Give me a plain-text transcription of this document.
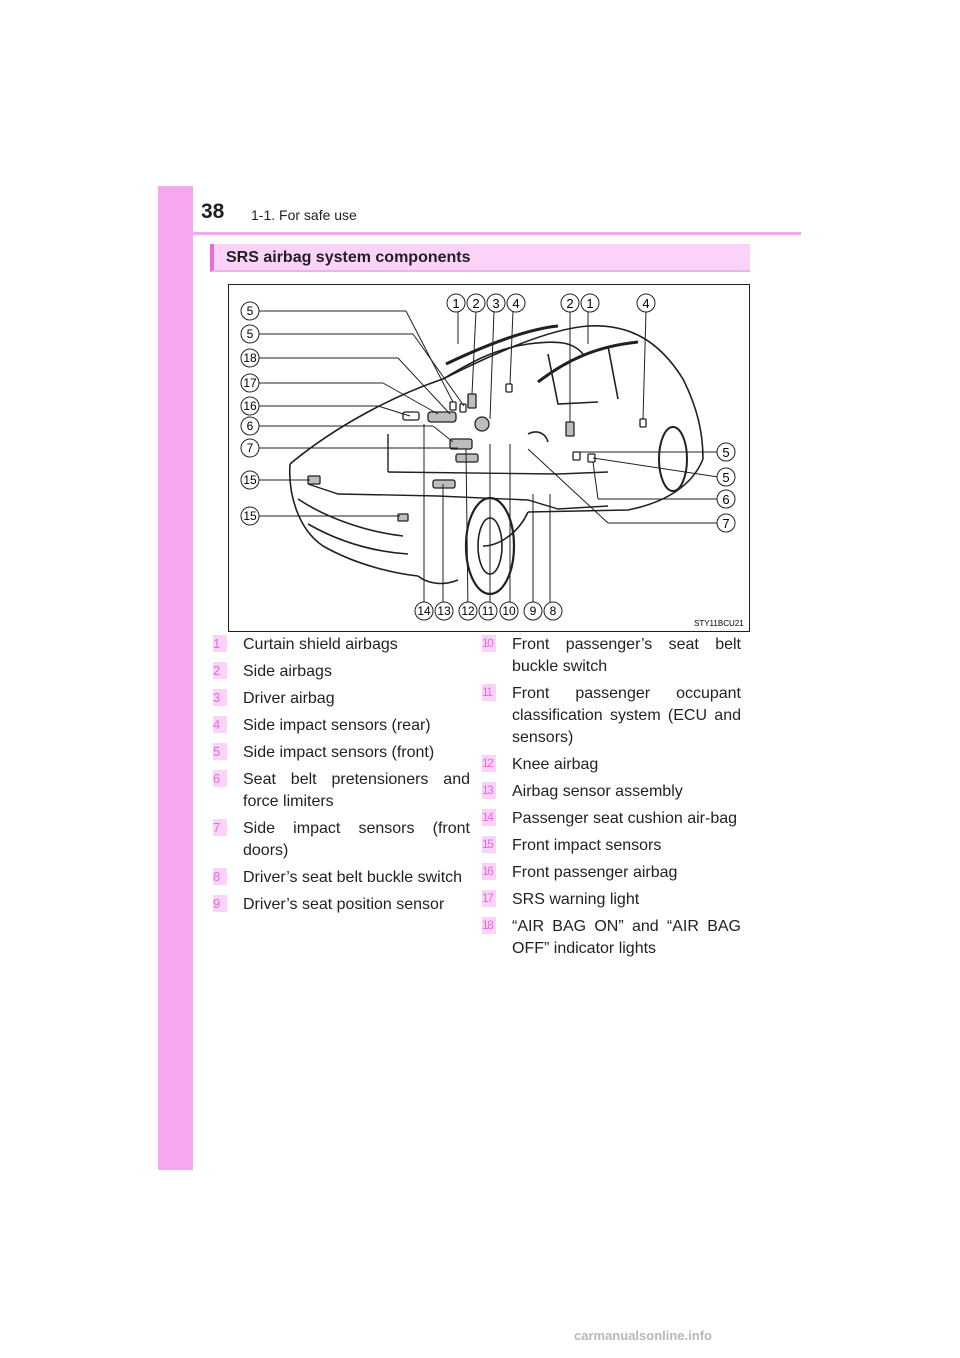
38 1-1. For safe use
SRS airbag system components
1 2 3 4	2 1	4
5
5
18
17
16
6
7
15
15
5
5
6
7
14 13 12 11 10 9 8
STY11BCU21
1	Curtain shield airbags
2	Side airbags
3	Driver airbag
4	Side impact sensors (rear)
5	Side impact sensors (front)
6	Seat belt pretensioners and force limiters
7	Side impact sensors (front doors)
8	Driver’s seat belt buckle switch
9	Driver’s seat position sensor
10 Front passenger’s seat belt buckle switch
11 Front passenger occupant classification system (ECU and sensors)
12 Knee airbag
13 Airbag sensor assembly
14 Passenger seat cushion air-bag
15 Front impact sensors
16 Front passenger airbag
17 SRS warning light
18 “AIR BAG ON” and “AIR BAG OFF” indicator lights
carmanualsonline.info
